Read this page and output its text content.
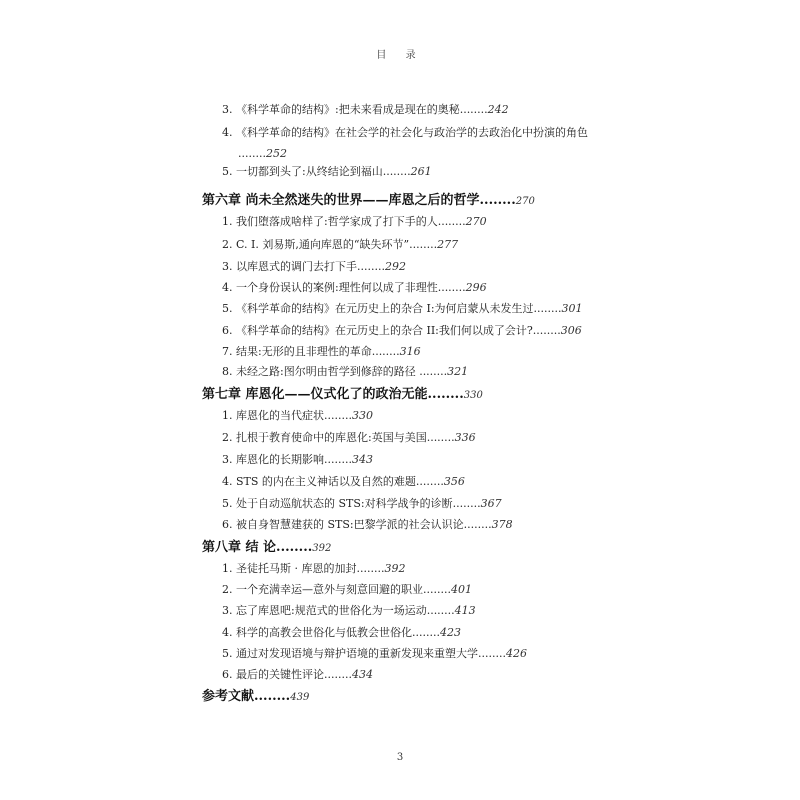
目 录
3. 《科学革命的结构》:把未来看成是现在的奥秘........242
4. 《科学革命的结构》在社会学的社会化与政治学的去政治化中扮演的角色
........252
5. 一切都到头了:从终结论到福山........261
第六章 尚未全然迷失的世界——库恩之后的哲学........270
1. 我们堕落成啥样了:哲学家成了打下手的人........270
2. C. I. 刘易斯,通向库恩的“缺失环节”........277
3. 以库恩式的调门去打下手........292
4. 一个身份误认的案例:理性何以成了非理性........296
5. 《科学革命的结构》在元历史上的杂合 I:为何启蒙从未发生过........301
6. 《科学革命的结构》在元历史上的杂合 II:我们何以成了会计?........306
7. 结果:无形的且非理性的革命........316
8. 未经之路:图尔明由哲学到修辞的路径 ........321
第七章 库恩化——仪式化了的政治无能........330
1. 库恩化的当代症状........330
2. 扎根于教育使命中的库恩化:英国与美国........336
3. 库恩化的长期影响........343
4. STS 的内在主义神话以及自然的难题........356
5. 处于自动巡航状态的 STS:对科学战争的诊断........367
6. 被自身智慧建获的 STS:巴黎学派的社会认识论........378
第八章 结 论........392
1. 圣徒托马斯 · 库恩的加封........392
2. 一个充满幸运—意外与刻意回避的职业........401
3. 忘了库恩吧:规范式的世俗化为一场运动........413
4. 科学的高教会世俗化与低教会世俗化........423
5. 通过对发现语境与辩护语境的重新发现来重塑大学........426
6. 最后的关键性评论........434
参考文献........439
3
